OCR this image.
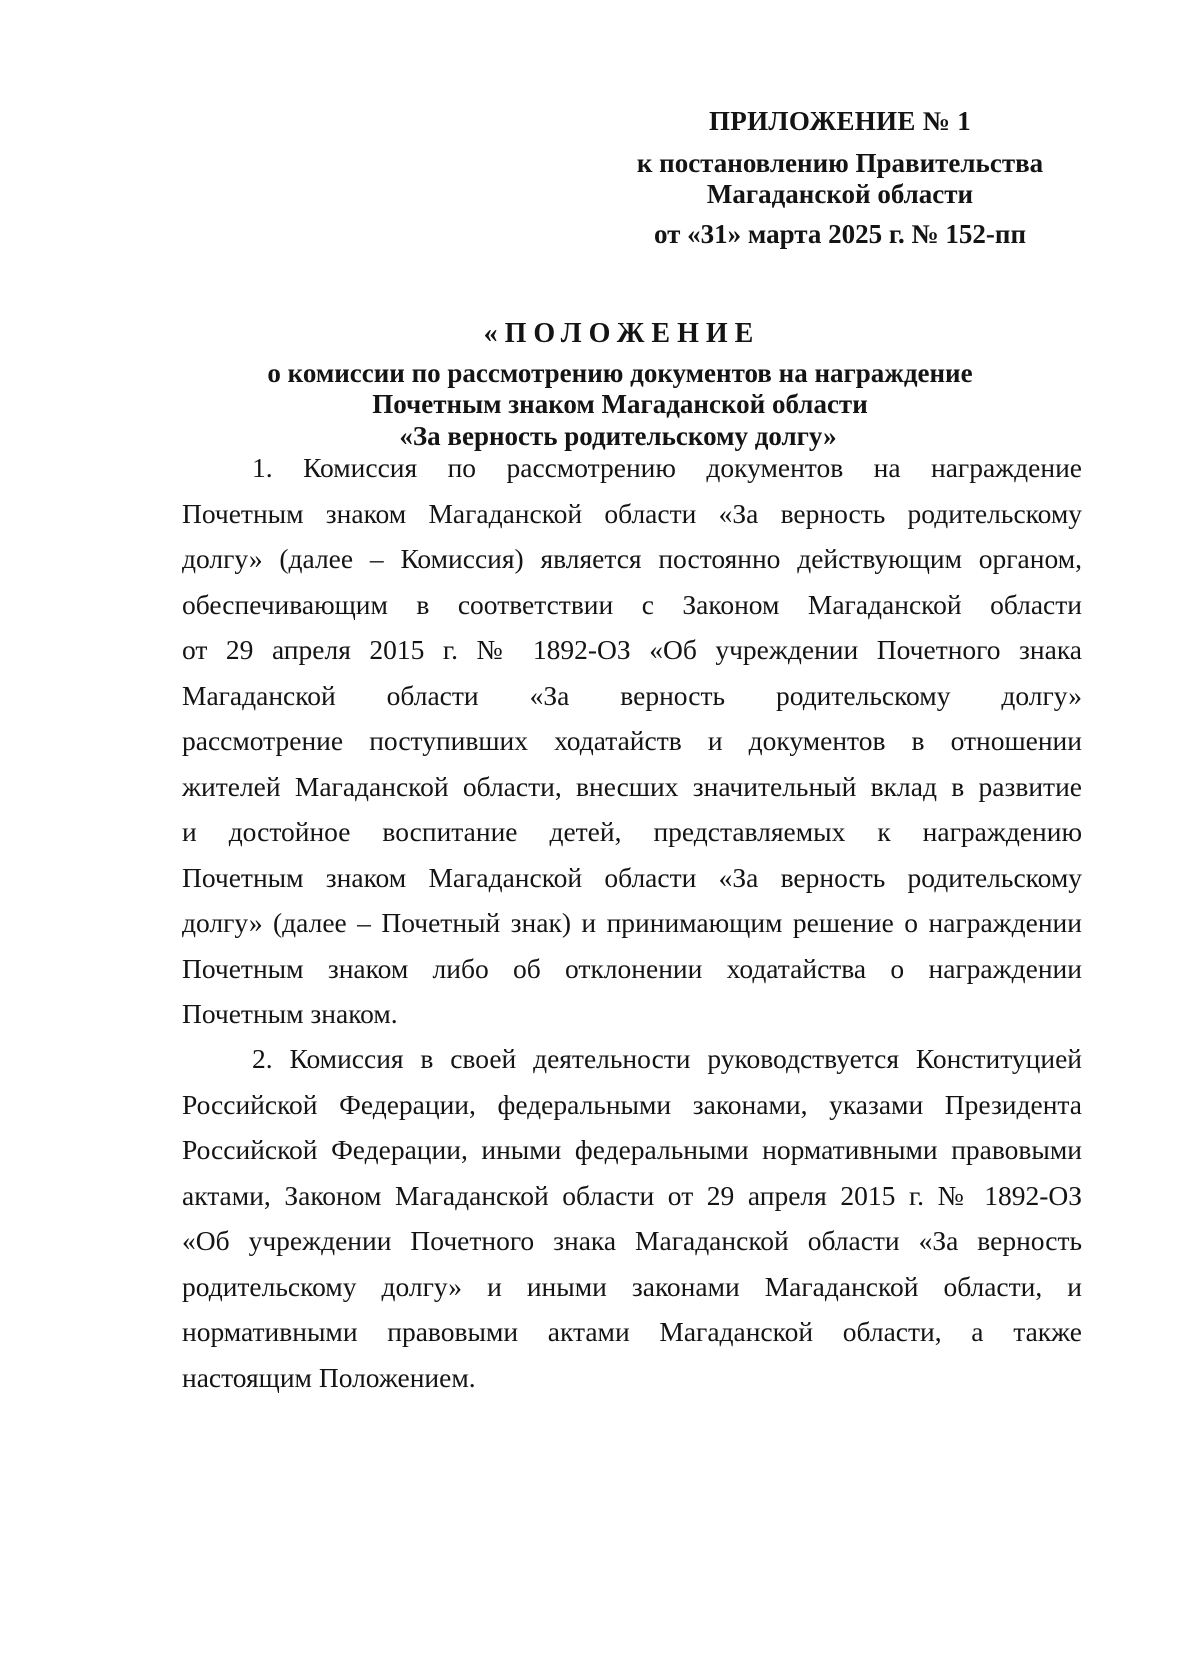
ПРИЛОЖЕНИЕ № 1
к постановлению Правительства
Магаданской области
от «31» марта 2025 г. № 152-пп
«ПОЛОЖЕНИЕ
о комиссии по рассмотрению документов на награждение
Почетным знаком Магаданской области
«За верность родительскому долгу»
1. Комиссия по рассмотрению документов на награждение
Почетным знаком Магаданской области «За верность родительскому
долгу» (далее – Комиссия) является постоянно действующим органом,
обеспечивающим в соответствии с Законом Магаданской области
от 29 апреля 2015 г. № 1892-ОЗ «Об учреждении Почетного знака
Магаданской области «За верность родительскому долгу»
рассмотрение поступивших ходатайств и документов в отношении
жителей Магаданской области, внесших значительный вклад в развитие
и достойное воспитание детей, представляемых к награждению
Почетным знаком Магаданской области «За верность родительскому
долгу» (далее – Почетный знак) и принимающим решение о награждении
Почетным знаком либо об отклонении ходатайства о награждении
Почетным знаком.
2. Комиссия в своей деятельности руководствуется Конституцией
Российской Федерации, федеральными законами, указами Президента
Российской Федерации, иными федеральными нормативными правовыми
актами, Законом Магаданской области от 29 апреля 2015 г. № 1892-ОЗ
«Об учреждении Почетного знака Магаданской области «За верность
родительскому долгу» и иными законами Магаданской области, и
нормативными правовыми актами Магаданской области, а также
настоящим Положением.
